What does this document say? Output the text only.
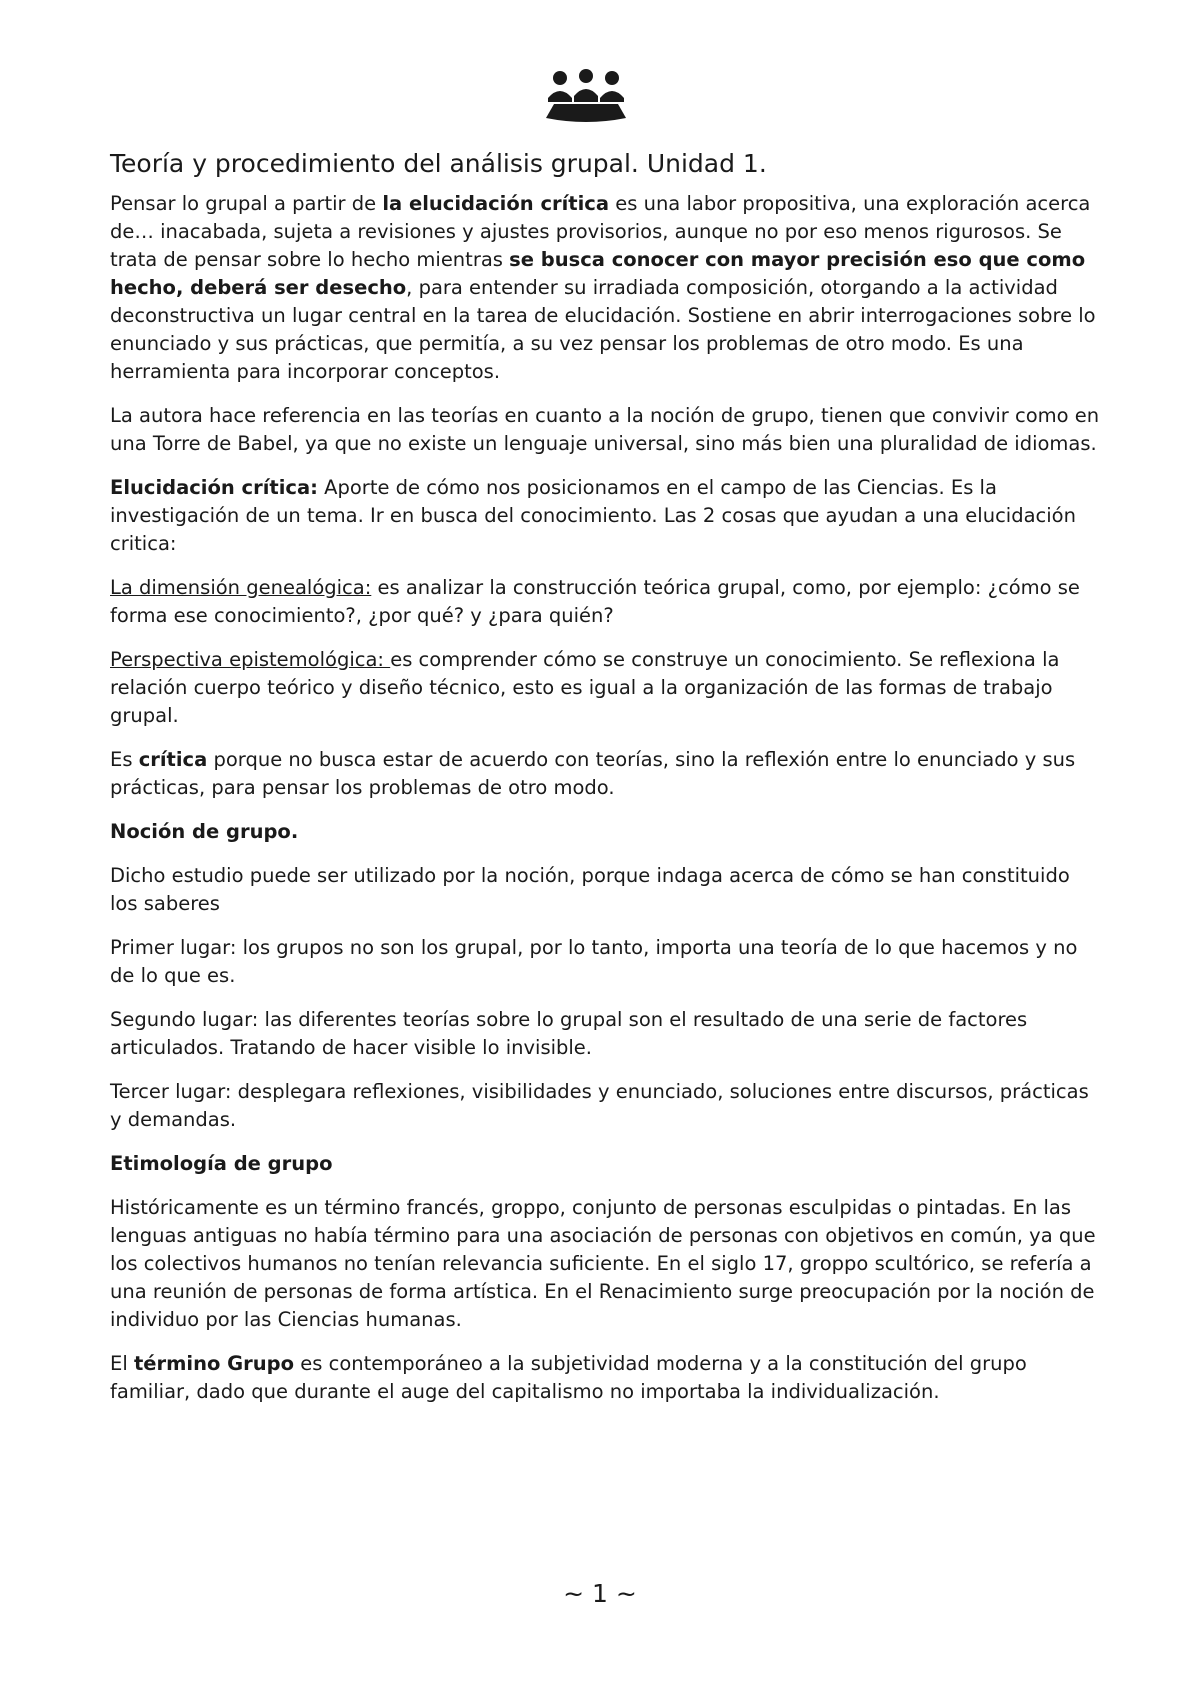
Teoría y procedimiento del análisis grupal. Unidad 1.

Pensar lo grupal a partir de la elucidación crítica es una labor propositiva, una exploración acerca de… inacabada, sujeta a revisiones y ajustes provisorios, aunque no por eso menos rigurosos. Se trata de pensar sobre lo hecho mientras se busca conocer con mayor precisión eso que como hecho, deberá ser desecho, para entender su irradiada composición, otorgando a la actividad deconstructiva un lugar central en la tarea de elucidación. Sostiene en abrir interrogaciones sobre lo enunciado y sus prácticas, que permitía, a su vez pensar los problemas de otro modo. Es una herramienta para incorporar conceptos.

La autora hace referencia en las teorías en cuanto a la noción de grupo, tienen que convivir como en una Torre de Babel, ya que no existe un lenguaje universal, sino más bien una pluralidad de idiomas.

Elucidación crítica: Aporte de cómo nos posicionamos en el campo de las Ciencias. Es la investigación de un tema. Ir en busca del conocimiento. Las 2 cosas que ayudan a una elucidación critica:

La dimensión genealógica: es analizar la construcción teórica grupal, como, por ejemplo: ¿cómo se forma ese conocimiento?, ¿por qué? y ¿para quién?

Perspectiva epistemológica: es comprender cómo se construye un conocimiento. Se reflexiona la relación cuerpo teórico y diseño técnico, esto es igual a la organización de las formas de trabajo grupal.

Es crítica porque no busca estar de acuerdo con teorías, sino la reflexión entre lo enunciado y sus prácticas, para pensar los problemas de otro modo.

Noción de grupo.

Dicho estudio puede ser utilizado por la noción, porque indaga acerca de cómo se han constituido los saberes

Primer lugar: los grupos no son los grupal, por lo tanto, importa una teoría de lo que hacemos y no de lo que es.

Segundo lugar: las diferentes teorías sobre lo grupal son el resultado de una serie de factores articulados. Tratando de hacer visible lo invisible.

Tercer lugar: desplegara reflexiones, visibilidades y enunciado, soluciones entre discursos, prácticas y demandas.

Etimología de grupo

Históricamente es un término francés, groppo, conjunto de personas esculpidas o pintadas. En las lenguas antiguas no había término para una asociación de personas con objetivos en común, ya que los colectivos humanos no tenían relevancia suficiente. En el siglo 17, groppo scultórico, se refería a una reunión de personas de forma artística. En el Renacimiento surge preocupación por la noción de individuo por las Ciencias humanas.

El término Grupo es contemporáneo a la subjetividad moderna y a la constitución del grupo familiar, dado que durante el auge del capitalismo no importaba la individualización.

~ 1 ~
